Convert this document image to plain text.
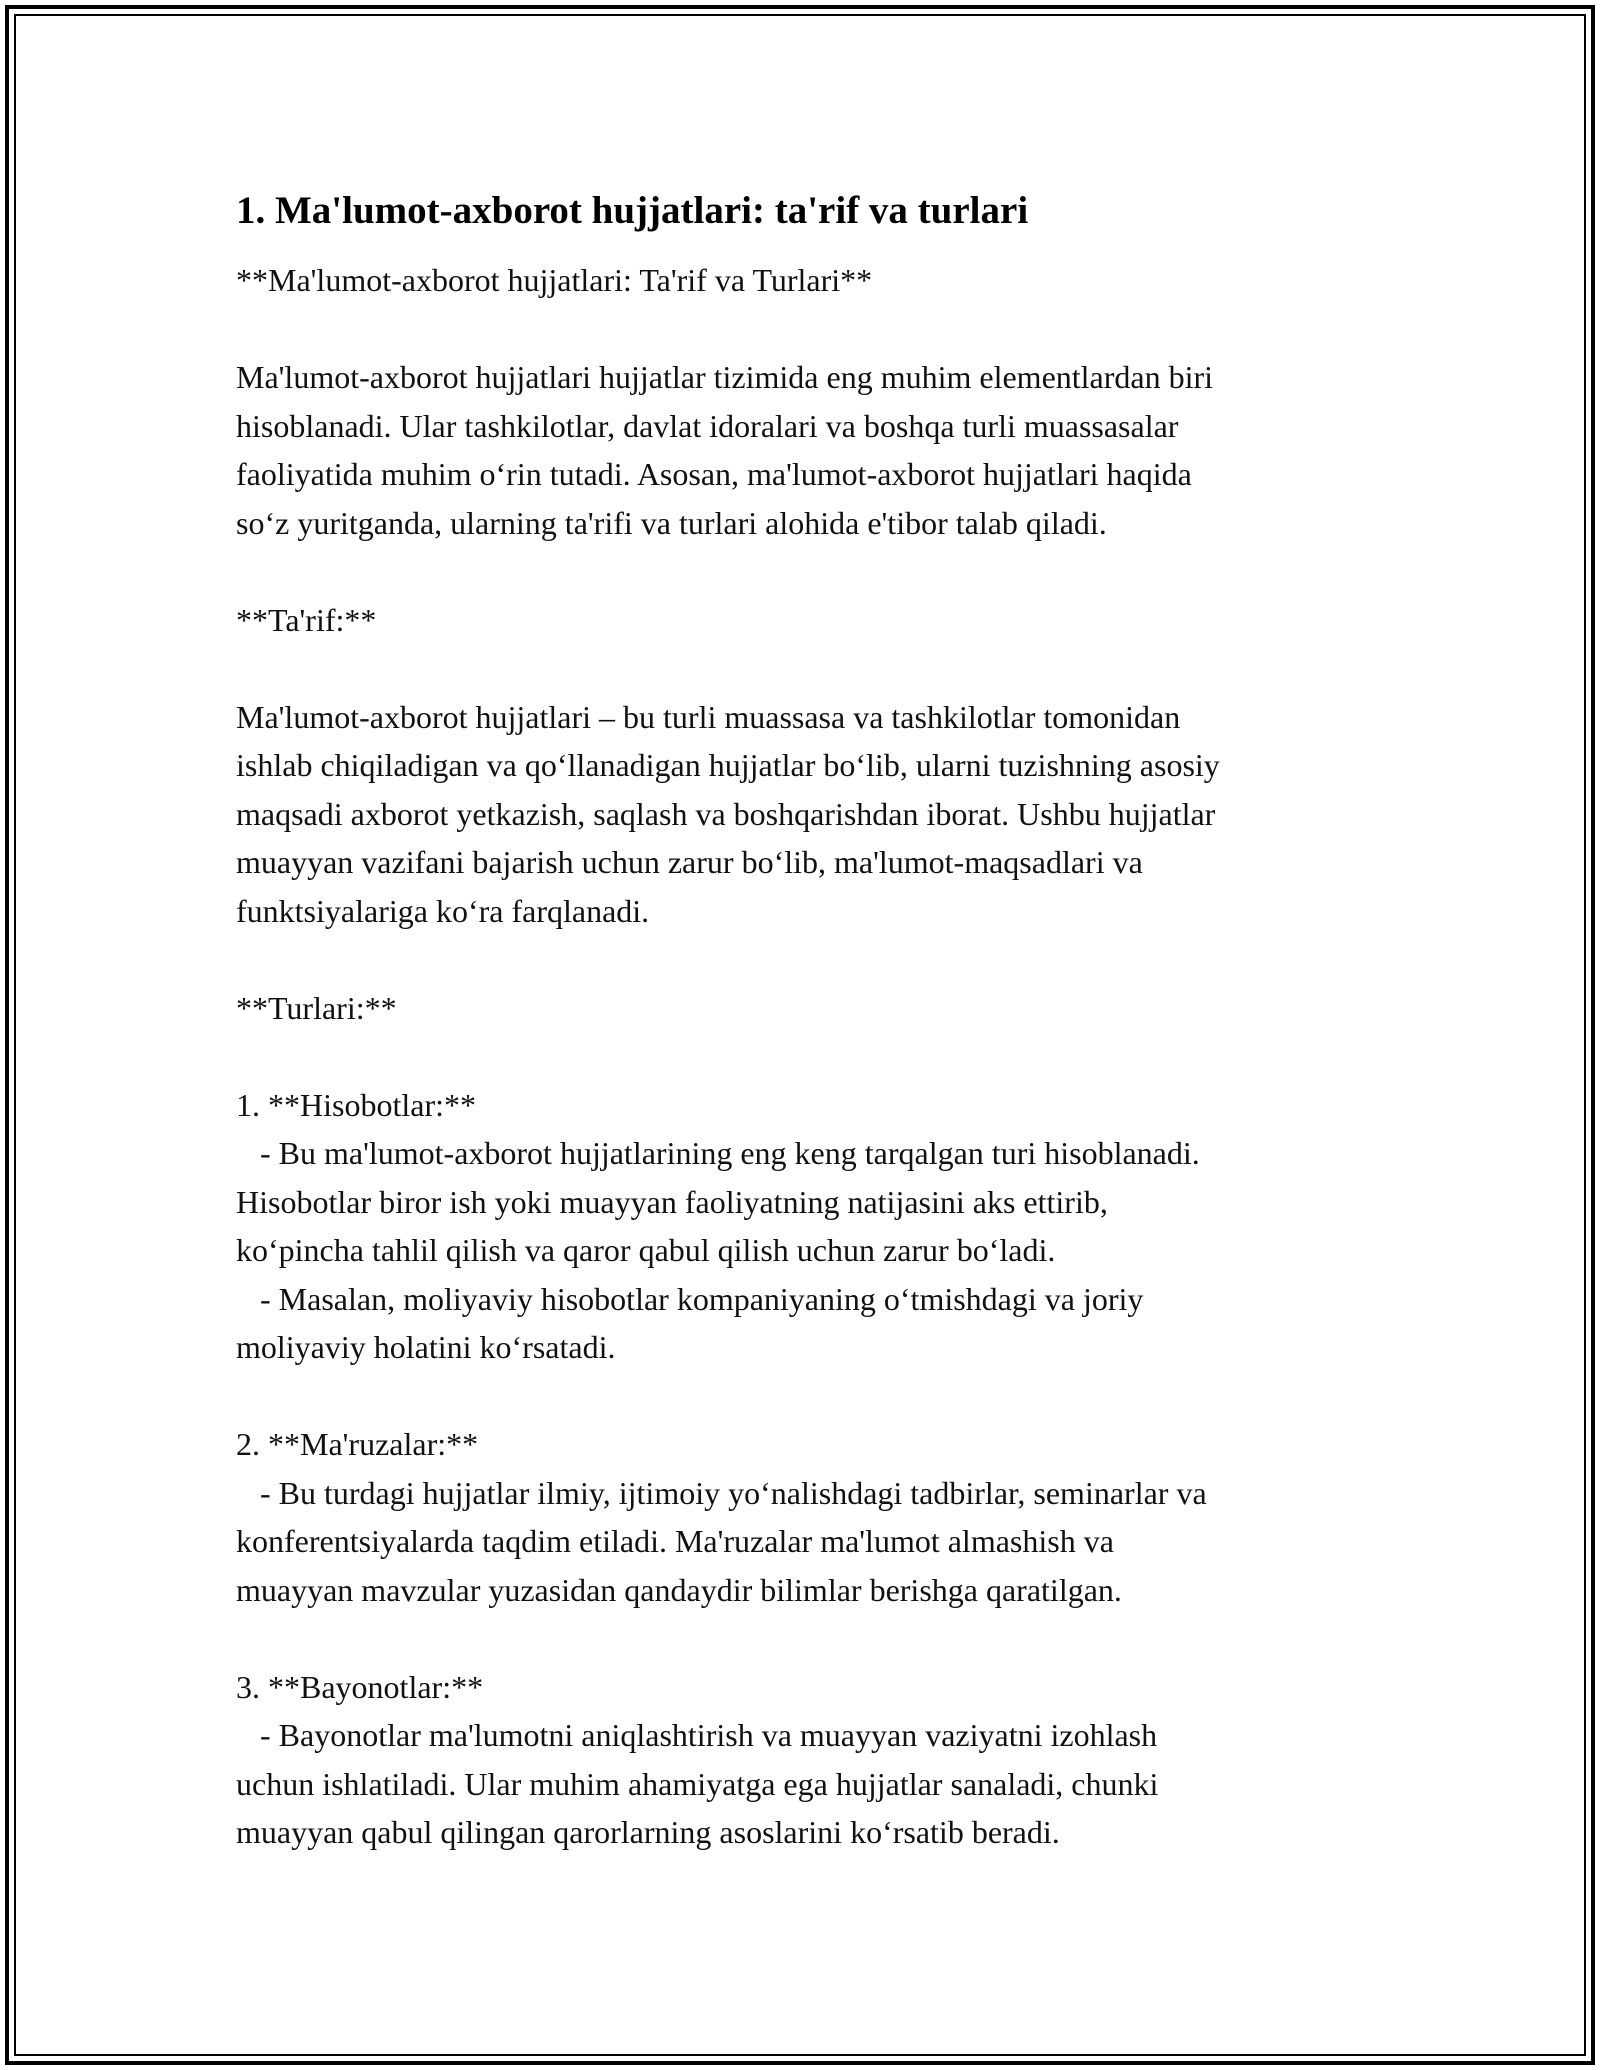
1. Ma'lumot-axborot hujjatlari: ta'rif va turlari

**Ma'lumot-axborot hujjatlari: Ta'rif va Turlari**

Ma'lumot-axborot hujjatlari hujjatlar tizimida eng muhim elementlardan biri

hisoblanadi. Ular tashkilotlar, davlat idoralari va boshqa turli muassasalar

faoliyatida muhim o‘rin tutadi. Asosan, ma'lumot-axborot hujjatlari haqida

so‘z yuritganda, ularning ta'rifi va turlari alohida e'tibor talab qiladi.

**Ta'rif:**

Ma'lumot-axborot hujjatlari – bu turli muassasa va tashkilotlar tomonidan

ishlab chiqiladigan va qo‘llanadigan hujjatlar bo‘lib, ularni tuzishning asosiy

maqsadi axborot yetkazish, saqlash va boshqarishdan iborat. Ushbu hujjatlar

muayyan vazifani bajarish uchun zarur bo‘lib, ma'lumot-maqsadlari va

funktsiyalariga ko‘ra farqlanadi.

**Turlari:**

1. **Hisobotlar:**

- Bu ma'lumot-axborot hujjatlarining eng keng tarqalgan turi hisoblanadi.

Hisobotlar biror ish yoki muayyan faoliyatning natijasini aks ettirib,

ko‘pincha tahlil qilish va qaror qabul qilish uchun zarur bo‘ladi.

- Masalan, moliyaviy hisobotlar kompaniyaning o‘tmishdagi va joriy

moliyaviy holatini ko‘rsatadi.

2. **Ma'ruzalar:**

- Bu turdagi hujjatlar ilmiy, ijtimoiy yo‘nalishdagi tadbirlar, seminarlar va

konferentsiyalarda taqdim etiladi. Ma'ruzalar ma'lumot almashish va

muayyan mavzular yuzasidan qandaydir bilimlar berishga qaratilgan.

3. **Bayonotlar:**

- Bayonotlar ma'lumotni aniqlashtirish va muayyan vaziyatni izohlash

uchun ishlatiladi. Ular muhim ahamiyatga ega hujjatlar sanaladi, chunki

muayyan qabul qilingan qarorlarning asoslarini ko‘rsatib beradi.
